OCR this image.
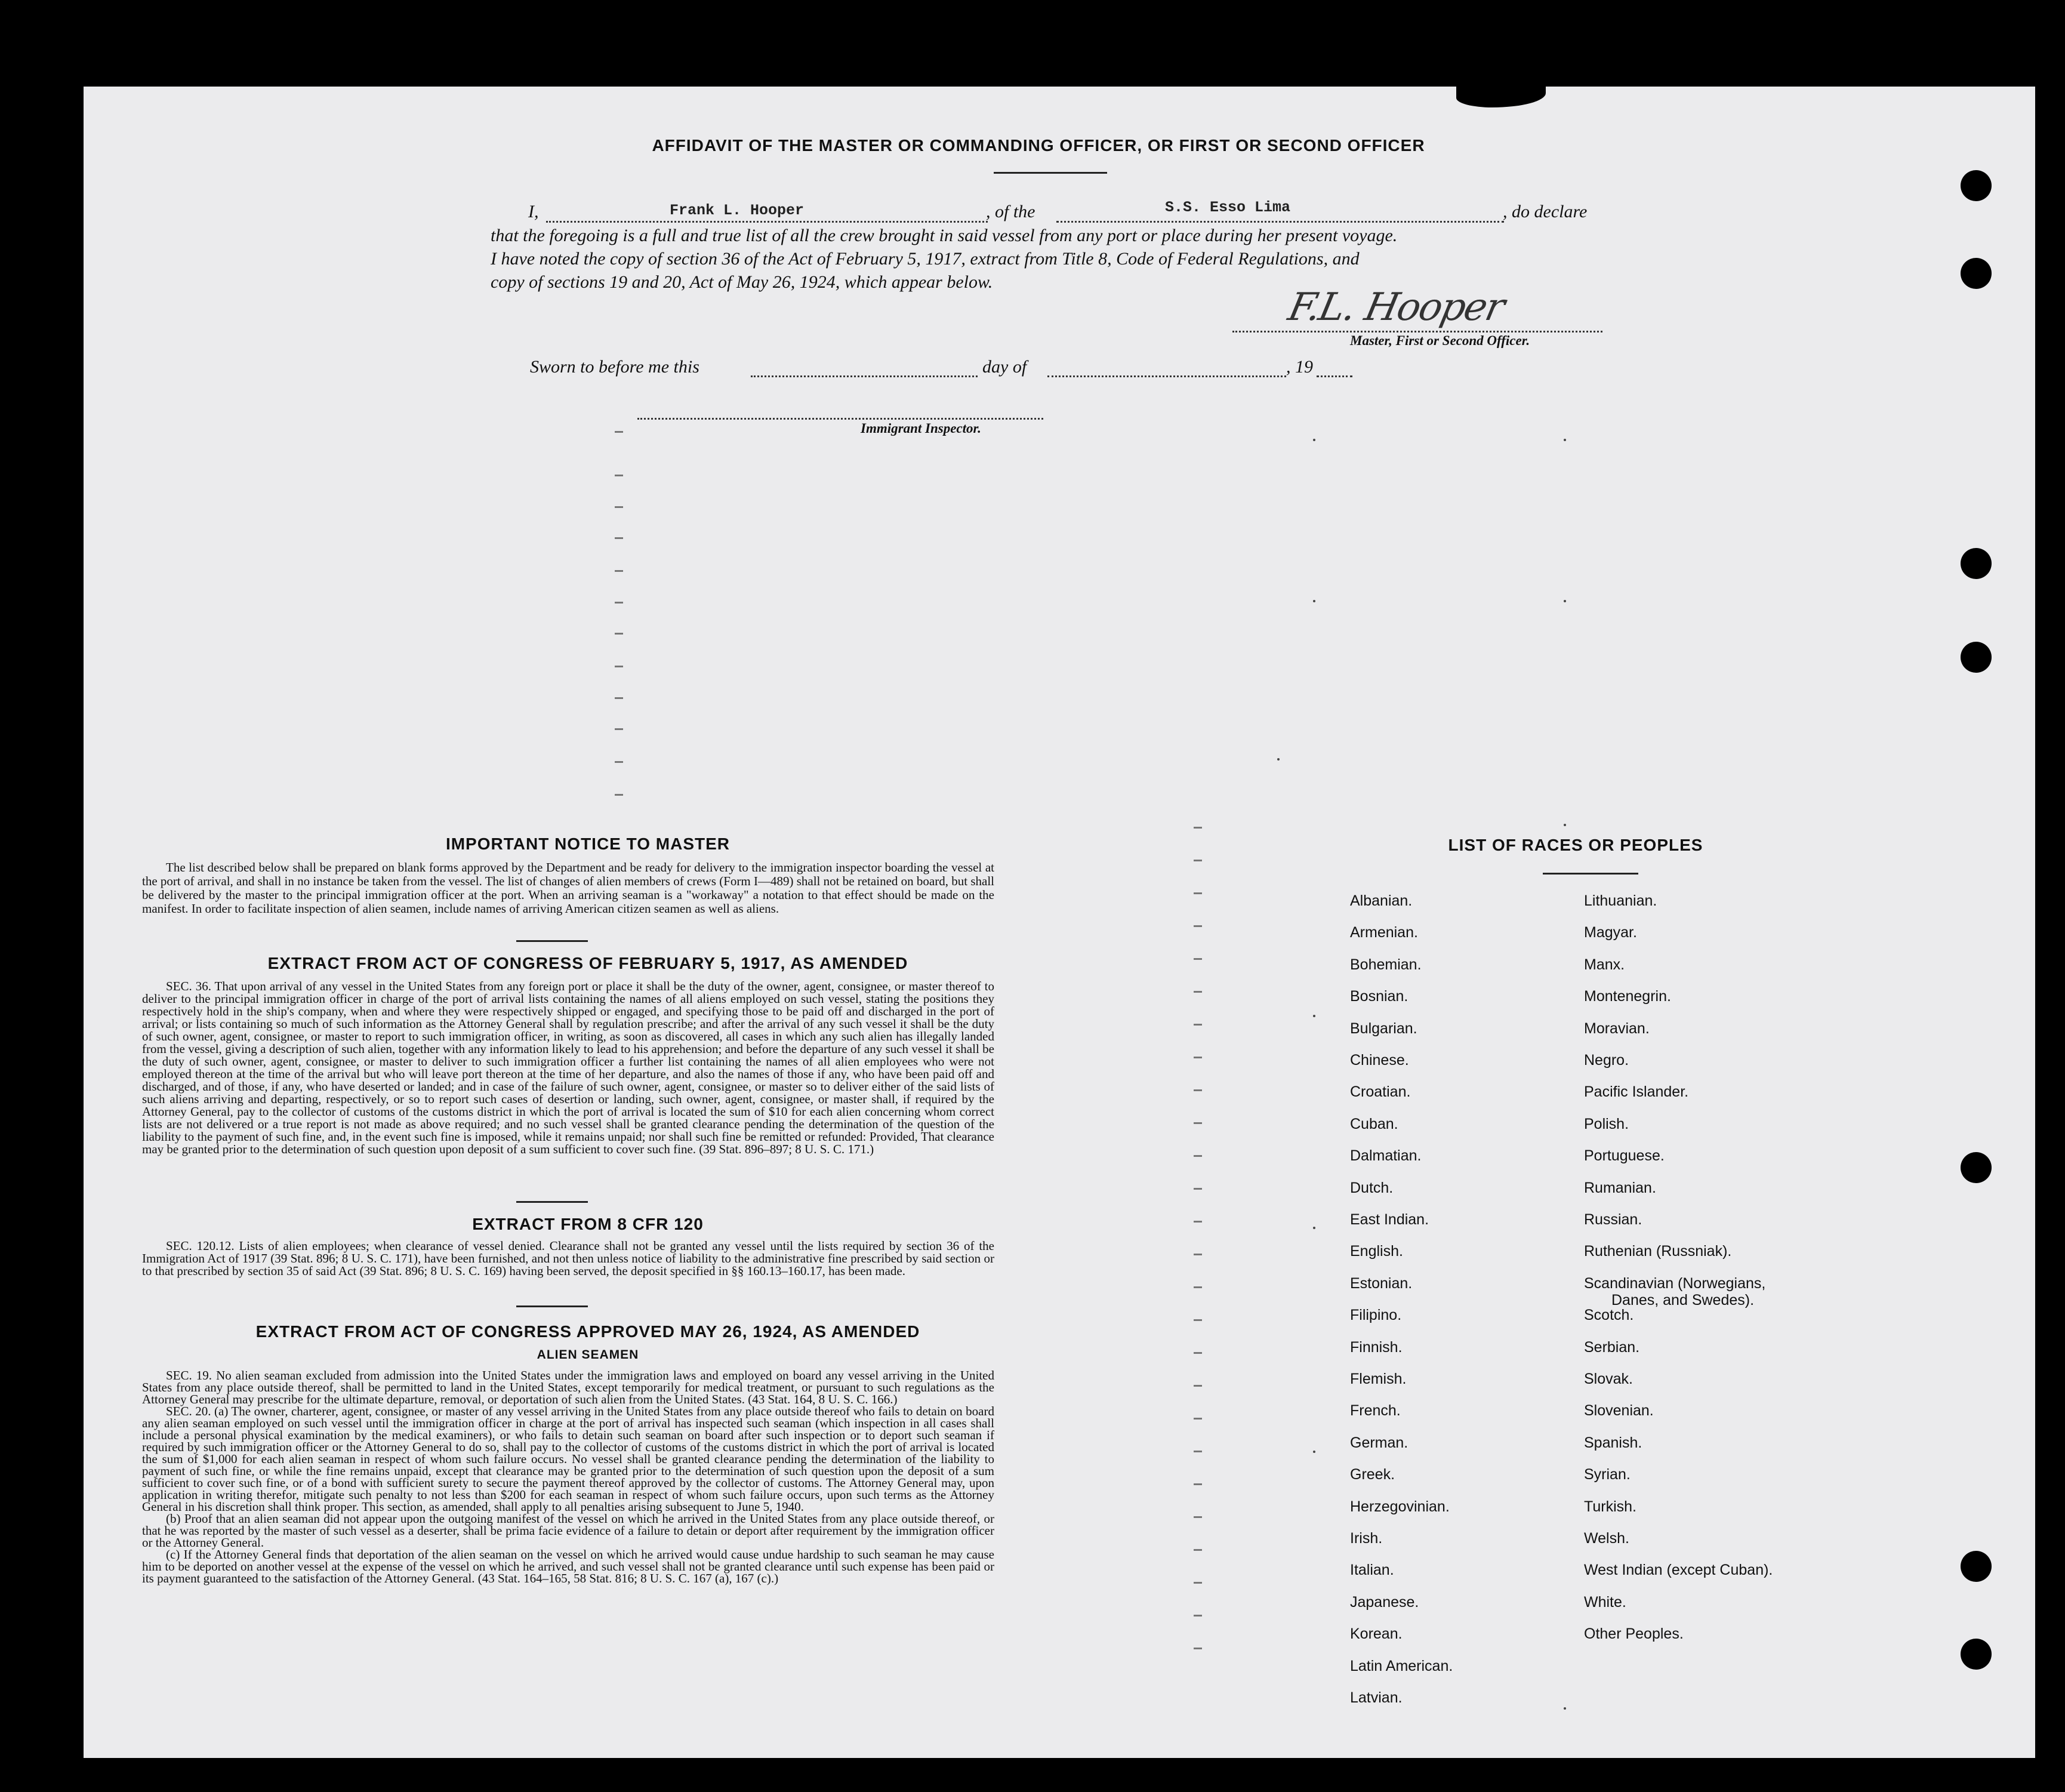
AFFIDAVIT OF THE MASTER OR COMMANDING OFFICER, OR FIRST OR SECOND OFFICER
I,	Frank L. Hooper	, of the	S.S. Esso Lima	, do declare
that the foregoing is a full and true list of all the crew brought in said vessel from any port or place during her present voyage.
I have noted the copy of section 36 of the Act of February 5, 1917, extract from Title 8, Code of Federal Regulations, and
copy of sections 19 and 20, Act of May 26, 1924, which appear below.
F.L. Hooper
Master, First or Second Officer.
Sworn to before me this	day of	, 19
Immigrant Inspector.
IMPORTANT NOTICE TO MASTER
The list described below shall be prepared on blank forms approved by the Department and be ready for delivery to the immigration inspector boarding the vessel at the port of arrival, and shall in no instance be taken from the vessel. The list of changes of alien members of crews (Form I—489) shall not be retained on board, but shall be delivered by the master to the principal immigration officer at the port. When an arriving seaman is a "workaway" a notation to that effect should be made on the manifest. In order to facilitate inspection of alien seamen, include names of arriving American citizen seamen as well as aliens.
EXTRACT FROM ACT OF CONGRESS OF FEBRUARY 5, 1917, AS AMENDED
SEC. 36. That upon arrival of any vessel in the United States from any foreign port or place it shall be the duty of the owner, agent, consignee, or master thereof to deliver to the principal immigration officer in charge of the port of arrival lists containing the names of all aliens employed on such vessel, stating the positions they respectively hold in the ship's company, when and where they were respectively shipped or engaged, and specifying those to be paid off and discharged in the port of arrival; or lists containing so much of such information as the Attorney General shall by regulation prescribe; and after the arrival of any such vessel it shall be the duty of such owner, agent, consignee, or master to report to such immigration officer, in writing, as soon as discovered, all cases in which any such alien has illegally landed from the vessel, giving a description of such alien, together with any information likely to lead to his apprehension; and before the departure of any such vessel it shall be the duty of such owner, agent, consignee, or master to deliver to such immigration officer a further list containing the names of all alien employees who were not employed thereon at the time of the arrival but who will leave port thereon at the time of her departure, and also the names of those if any, who have been paid off and discharged, and of those, if any, who have deserted or landed; and in case of the failure of such owner, agent, consignee, or master so to deliver either of the said lists of such aliens arriving and departing, respectively, or so to report such cases of desertion or landing, such owner, agent, consignee, or master shall, if required by the Attorney General, pay to the collector of customs of the customs district in which the port of arrival is located the sum of $10 for each alien concerning whom correct lists are not delivered or a true report is not made as above required; and no such vessel shall be granted clearance pending the determination of the question of the liability to the payment of such fine, and, in the event such fine is imposed, while it remains unpaid; nor shall such fine be remitted or refunded: Provided, That clearance may be granted prior to the determination of such question upon deposit of a sum sufficient to cover such fine. (39 Stat. 896–897; 8 U. S. C. 171.)
EXTRACT FROM 8 CFR 120
SEC. 120.12. Lists of alien employees; when clearance of vessel denied. Clearance shall not be granted any vessel until the lists required by section 36 of the Immigration Act of 1917 (39 Stat. 896; 8 U. S. C. 171), have been furnished, and not then unless notice of liability to the administrative fine prescribed by said section or to that prescribed by section 35 of said Act (39 Stat. 896; 8 U. S. C. 169) having been served, the deposit specified in §§ 160.13–160.17, has been made.
EXTRACT FROM ACT OF CONGRESS APPROVED MAY 26, 1924, AS AMENDED
ALIEN SEAMEN
SEC. 19. No alien seaman excluded from admission into the United States under the immigration laws and employed on board any vessel arriving in the United States from any place outside thereof, shall be permitted to land in the United States, except temporarily for medical treatment, or pursuant to such regulations as the Attorney General may prescribe for the ultimate departure, removal, or deportation of such alien from the United States. (43 Stat. 164, 8 U. S. C. 166.)
SEC. 20. (a) The owner, charterer, agent, consignee, or master of any vessel arriving in the United States from any place outside thereof who fails to detain on board any alien seaman employed on such vessel until the immigration officer in charge at the port of arrival has inspected such seaman (which inspection in all cases shall include a personal physical examination by the medical examiners), or who fails to detain such seaman on board after such inspection or to deport such seaman if required by such immigration officer or the Attorney General to do so, shall pay to the collector of customs of the customs district in which the port of arrival is located the sum of $1,000 for each alien seaman in respect of whom such failure occurs. No vessel shall be granted clearance pending the determination of the liability to payment of such fine, or while the fine remains unpaid, except that clearance may be granted prior to the determination of such question upon the deposit of a sum sufficient to cover such fine, or of a bond with sufficient surety to secure the payment thereof approved by the collector of customs. The Attorney General may, upon application in writing therefor, mitigate such penalty to not less than $200 for each seaman in respect of whom such failure occurs, upon such terms as the Attorney General in his discretion shall think proper. This section, as amended, shall apply to all penalties arising subsequent to June 5, 1940.
(b) Proof that an alien seaman did not appear upon the outgoing manifest of the vessel on which he arrived in the United States from any place outside thereof, or that he was reported by the master of such vessel as a deserter, shall be prima facie evidence of a failure to detain or deport after requirement by the immigration officer or the Attorney General.
(c) If the Attorney General finds that deportation of the alien seaman on the vessel on which he arrived would cause undue hardship to such seaman he may cause him to be deported on another vessel at the expense of the vessel on which he arrived, and such vessel shall not be granted clearance until such expense has been paid or its payment guaranteed to the satisfaction of the Attorney General. (43 Stat. 164–165, 58 Stat. 816; 8 U. S. C. 167 (a), 167 (c).)
LIST OF RACES OR PEOPLES
Albanian.
Armenian.
Bohemian.
Bosnian.
Bulgarian.
Chinese.
Croatian.
Cuban.
Dalmatian.
Dutch.
East Indian.
English.
Estonian.
Filipino.
Finnish.
Flemish.
French.
German.
Greek.
Herzegovinian.
Irish.
Italian.
Japanese.
Korean.
Latin American.
Latvian.
Lithuanian.
Magyar.
Manx.
Montenegrin.
Moravian.
Negro.
Pacific Islander.
Polish.
Portuguese.
Rumanian.
Russian.
Ruthenian (Russniak).
Scandinavian (Norwegians,
Danes, and Swedes).
Scotch.
Serbian.
Slovak.
Slovenian.
Spanish.
Syrian.
Turkish.
Welsh.
West Indian (except Cuban).
White.
Other Peoples.
